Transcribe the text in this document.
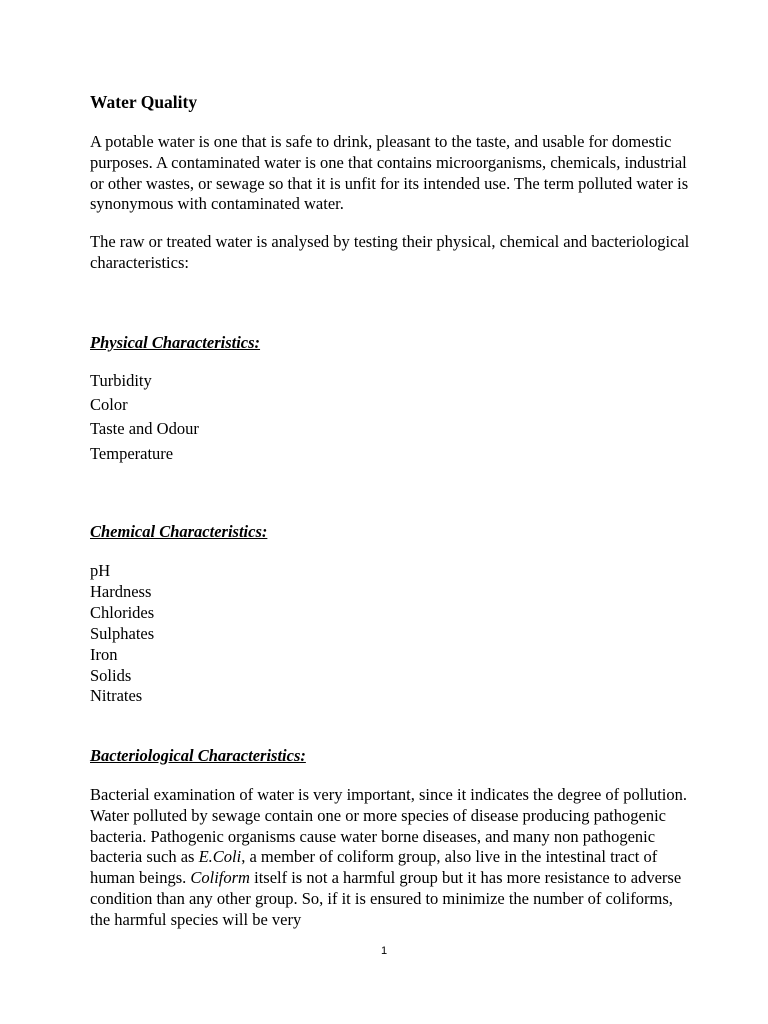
Water Quality

A potable water is one that is safe to drink, pleasant to the taste, and usable for domestic purposes. A contaminated water is one that contains microorganisms, chemicals, industrial or other wastes, or sewage so that it is unfit for its intended use. The term polluted water is synonymous with contaminated water.

The raw or treated water is analysed by testing their physical, chemical and bacteriological characteristics:

Physical Characteristics:
Turbidity
Color
Taste and Odour
Temperature
Chemical Characteristics:
pH
Hardness
Chlorides
Sulphates
Iron
Solids
Nitrates
Bacteriological Characteristics:

Bacterial examination of water is very important, since it indicates the degree of pollution. Water polluted by sewage contain one or more species of disease producing pathogenic bacteria. Pathogenic organisms cause water borne diseases, and many non pathogenic bacteria such as E.Coli, a member of coliform group, also live in the intestinal tract of human beings. Coliform itself is not a harmful group but it has more resistance to adverse condition than any other group. So, if it is ensured to minimize the number of coliforms, the harmful species will be very

1
